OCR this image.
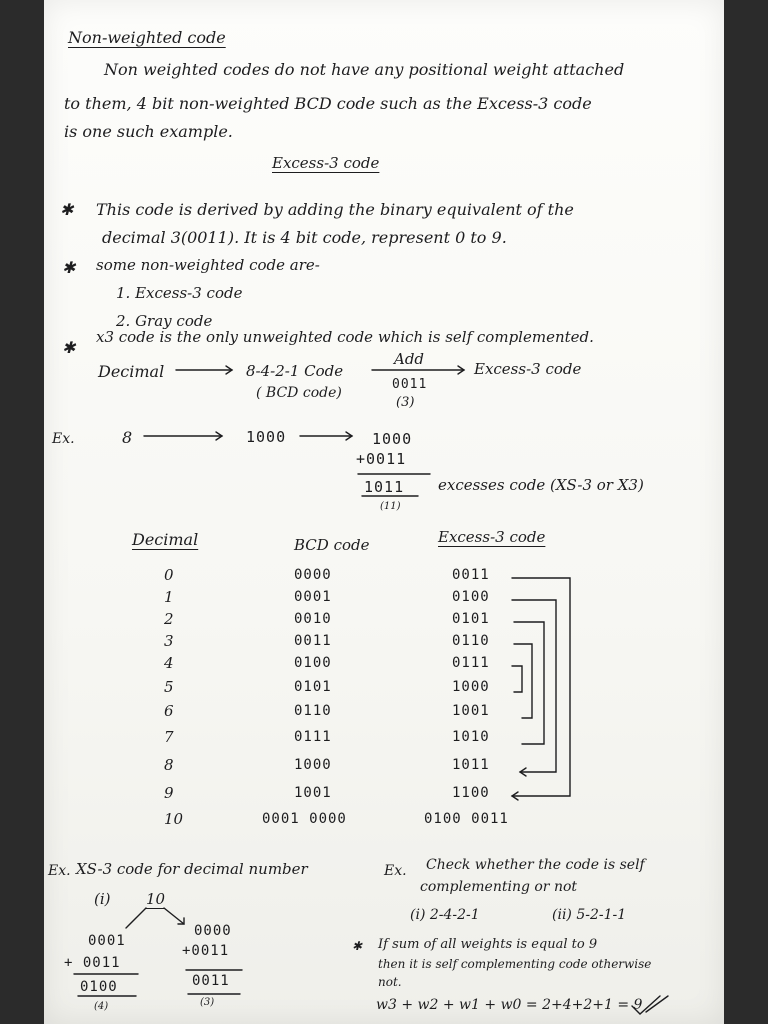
Non-weighted code
Non weighted codes do not have any positional weight attached
to them, 4 bit non-weighted BCD code such as the Excess-3 code
is one such example.
Excess-3 code
✱ This code is derived by adding the binary equivalent of the
decimal 3(0011). It is 4 bit code, represent 0 to 9.
✱ some non-weighted code are-
1. Excess-3 code
2. Gray code
✱
x3 code is the only unweighted code which is self complemented.
Decimal	8-4-2-1 Code
( BCD code)
Add
0011
(3)
Excess-3 code
Ex.	8	1000	1000
+0011
1011
(11)
excesses code (XS-3 or X3)
Decimal	BCD code	Excess-3 code
0	0000	0011
1	0001	0100
2	0010	0101
3	0011	0110
4	0100	0111
5	0101	1000
6	0110	1001
7	0111	1010
8	1000	1011
9	1001	1100
10	0001 0000	0100 0011
Ex. XS-3 code for decimal number
(i) 10
0001
+ 0011
0100
(4)
0000
+0011
0011
(3)
Ex. Check whether the code is self
complementing or not
(i) 2-4-2-1	(ii) 5-2-1-1
✱ If sum of all weights is equal to 9
then it is self complementing code otherwise
not.
w3 + w2 + w1 + w0 = 2+4+2+1 = 9
